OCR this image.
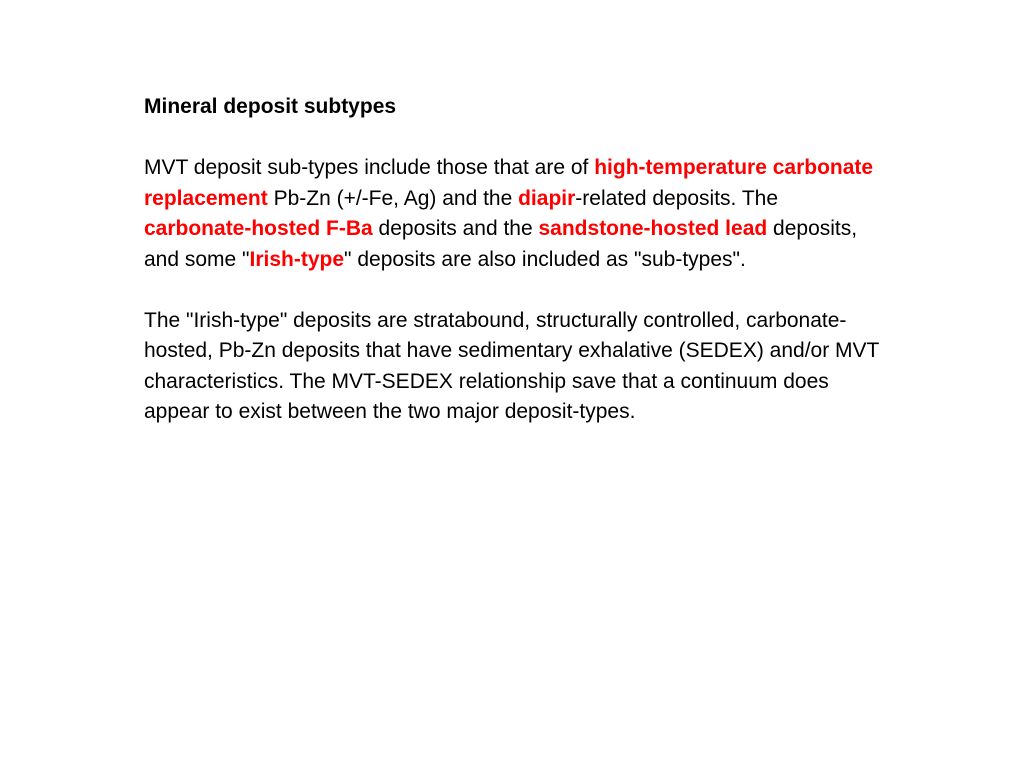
Mineral deposit subtypes
MVT deposit sub-types include those that are of high-temperature carbonate replacement Pb-Zn (+/-Fe, Ag) and the diapir-related deposits. The carbonate-hosted F-Ba deposits and the sandstone-hosted lead deposits, and some "Irish-type" deposits are also included as "sub-types".
The "Irish-type" deposits are stratabound, structurally controlled, carbonate-hosted, Pb-Zn deposits that have sedimentary exhalative (SEDEX) and/or MVT characteristics. The MVT-SEDEX relationship save that a continuum does appear to exist between the two major deposit-types.
